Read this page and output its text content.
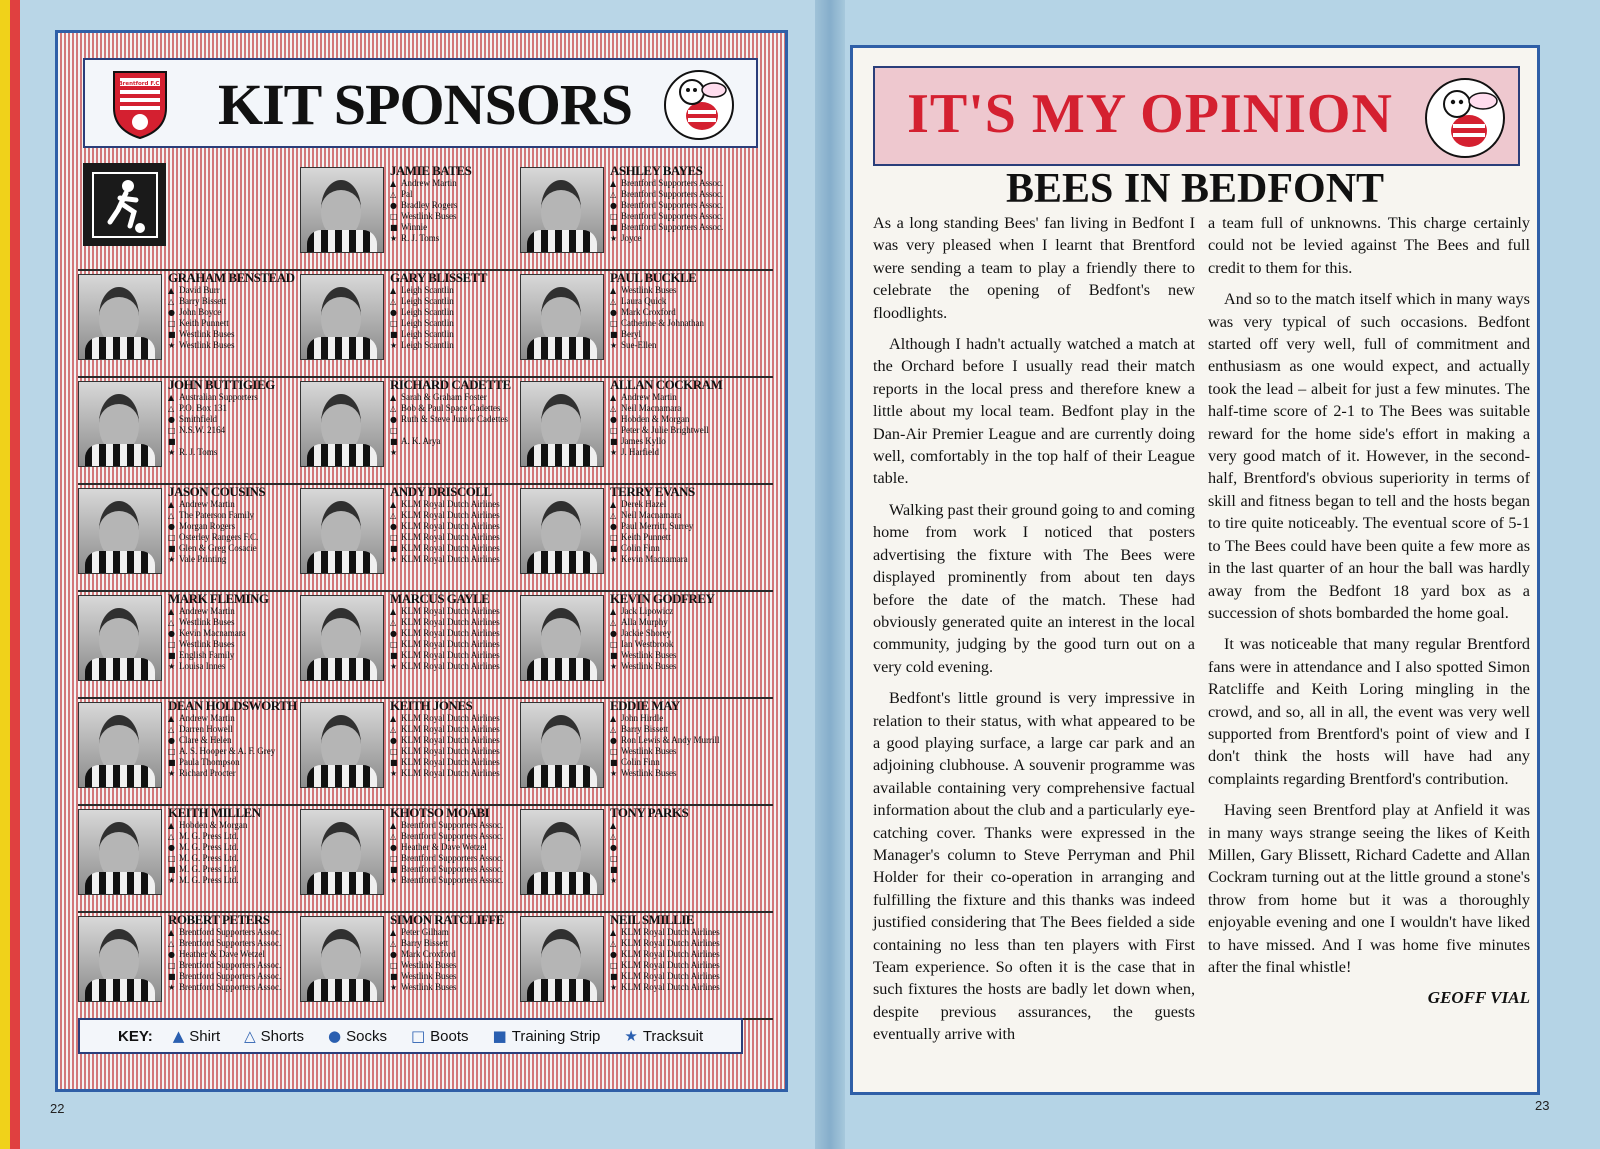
Brentford F.C. KIT SPONSORS
JAMIE BATES
▲ Andrew Martin
△ Pal
● Bradley Rogers
□ Westlink Buses
■ Winnie
★ R. J. Toms
ASHLEY BAYES
▲ Brentford Supporters Assoc.
△ Brentford Supporters Assoc.
● Brentford Supporters Assoc.
□ Brentford Supporters Assoc.
■ Brentford Supporters Assoc.
★ Joyce
GRAHAM BENSTEAD
▲ David Burr
△ Barry Bissett
● John Boyce
□ Keith Punnett
■ Westlink Buses
★ Westlink Buses
GARY BLISSETT
▲ Leigh Scantlin
△ Leigh Scantlin
● Leigh Scantlin
□ Leigh Scantlin
■ Leigh Scantlin
★ Leigh Scantlin
PAUL BUCKLE
▲ Westlink Buses
△ Laura Quick
● Mark Croxford
□ Catherine & Johnathan
■ Beryl
★ Sue-Ellen
JOHN BUTTIGIEG
▲ Australian Supporters
△ P.O. Box 131
● Smithfield
□ N.S.W. 2164
■
★ R. J. Toms
RICHARD CADETTE
▲ Sarah & Graham Foster
△ Bob & Paul Space Cadettes
● Ruth & Steve Junior Cadettes
□
■ A. K. Arya
★
ALLAN COCKRAM
▲ Andrew Martin
△ Neil Macnamara
● Hobden & Morgan
□ Peter & Julie Brightwell
■ James Kyllo
★ J. Harfield
JASON COUSINS
▲ Andrew Martin
△ The Paterson Family
● Morgan Rogers
□ Osterley Rangers F.C.
■ Glen & Greg Cosacie
★ Vale Printing
ANDY DRISCOLL
▲ KLM Royal Dutch Airlines
△ KLM Royal Dutch Airlines
● KLM Royal Dutch Airlines
□ KLM Royal Dutch Airlines
■ KLM Royal Dutch Airlines
★ KLM Royal Dutch Airlines
TERRY EVANS
▲ Derek Hazel
△ Neil Macnamara
● Paul Merritt, Surrey
□ Keith Punnett
■ Colin Finn
★ Kevin Macnamara
MARK FLEMING
▲ Andrew Martin
△ Westlink Buses
● Kevin Macnamara
□ Westlink Buses
■ English Family
★ Louisa Innes
MARCUS GAYLE
▲ KLM Royal Dutch Airlines
△ KLM Royal Dutch Airlines
● KLM Royal Dutch Airlines
□ KLM Royal Dutch Airlines
■ KLM Royal Dutch Airlines
★ KLM Royal Dutch Airlines
KEVIN GODFREY
▲ Jack Lipowicz
△ Alla Murphy
● Jackie Shorey
□ Ian Westbrook
■ Westlink Buses
★ Westlink Buses
DEAN HOLDSWORTH
▲ Andrew Martin
△ Darren Howell
● Clare & Helen
□ A. S. Hooper & A. F. Grey
■ Paula Thompson
★ Richard Procter
KEITH JONES
▲ KLM Royal Dutch Airlines
△ KLM Royal Dutch Airlines
● KLM Royal Dutch Airlines
□ KLM Royal Dutch Airlines
■ KLM Royal Dutch Airlines
★ KLM Royal Dutch Airlines
EDDIE MAY
▲ John Hirdle
△ Barry Bissett
● Ron Lewis & Andy Murrill
□ Westlink Buses
■ Colin Finn
★ Westlink Buses
KEITH MILLEN
▲ Hobden & Morgan
△ M. G. Press Ltd.
● M. G. Press Ltd.
□ M. G. Press Ltd.
■ M. G. Press Ltd.
★ M. G. Press Ltd.
KHOTSO MOABI
▲ Brentford Supporters Assoc.
△ Brentford Supporters Assoc.
● Heather & Dave Wetzel
□ Brentford Supporters Assoc.
■ Brentford Supporters Assoc.
★ Brentford Supporters Assoc.
TONY PARKS
▲
△
●
□
■
★
ROBERT PETERS
▲ Brentford Supporters Assoc.
△ Brentford Supporters Assoc.
● Heather & Dave Wetzel
□ Brentford Supporters Assoc.
■ Brentford Supporters Assoc.
★ Brentford Supporters Assoc.
SIMON RATCLIFFE
▲ Peter Gilham
△ Barry Bissett
● Mark Croxford
□ Westlink Buses
■ Westlink Buses
★ Westlink Buses
NEIL SMILLIE
▲ KLM Royal Dutch Airlines
△ KLM Royal Dutch Airlines
● KLM Royal Dutch Airlines
□ KLM Royal Dutch Airlines
■ KLM Royal Dutch Airlines
★ KLM Royal Dutch Airlines
KEY: ▲ Shirt △ Shorts ● Socks □ Boots ■ Training Strip ★ Tracksuit
22
IT'S MY OPINION
BEES IN BEDFONT

As a long standing Bees' fan living in Bedfont I was very pleased when I learnt that Brentford were sending a team to play a friendly there to celebrate the opening of Bedfont's new floodlights.

Although I hadn't actually watched a match at the Orchard before I usually read their match reports in the local press and therefore knew a little about my local team. Bedfont play in the Dan-Air Premier League and are currently doing well, comfortably in the top half of their League table.

Walking past their ground going to and coming home from work I noticed that posters advertising the fixture with The Bees were displayed prominently from about ten days before the date of the match. These had obviously generated quite an interest in the local community, judging by the good turn out on a very cold evening.

Bedfont's little ground is very impressive in relation to their status, with what appeared to be a good playing surface, a large car park and an adjoining clubhouse. A souvenir programme was available containing very comprehensive factual information about the club and a particularly eye-catching cover. Thanks were expressed in the Manager's column to Steve Perryman and Phil Holder for their co-operation in arranging and fulfilling the fixture and this thanks was indeed justified considering that The Bees fielded a side containing no less than ten players with First Team experience. So often it is the case that in such fixtures the hosts are badly let down when, despite previous assurances, the guests eventually arrive with

a team full of unknowns. This charge certainly could not be levied against The Bees and full credit to them for this.

And so to the match itself which in many ways was very typical of such occasions. Bedfont started off very well, full of commitment and enthusiasm as one would expect, and actually took the lead – albeit for just a few minutes. The half-time score of 2-1 to The Bees was suitable reward for the home side's effort in making a very good match of it. However, in the second-half, Brentford's obvious superiority in terms of skill and fitness began to tell and the hosts began to tire quite noticeably. The eventual score of 5-1 to The Bees could have been quite a few more as in the last quarter of an hour the ball was hardly away from the Bedfont 18 yard box as a succession of shots bombarded the home goal.

It was noticeable that many regular Brentford fans were in attendance and I also spotted Simon Ratcliffe and Keith Loring mingling in the crowd, and so, all in all, the event was very well supported from Brentford's point of view and I don't think the hosts will have had any complaints regarding Brentford's contribution.

Having seen Brentford play at Anfield it was in many ways strange seeing the likes of Keith Millen, Gary Blissett, Richard Cadette and Allan Cockram turning out at the little ground a stone's throw from home but it was a thoroughly enjoyable evening and one I wouldn't have liked to have missed. And I was home five minutes after the final whistle!

GEOFF VIAL
23
